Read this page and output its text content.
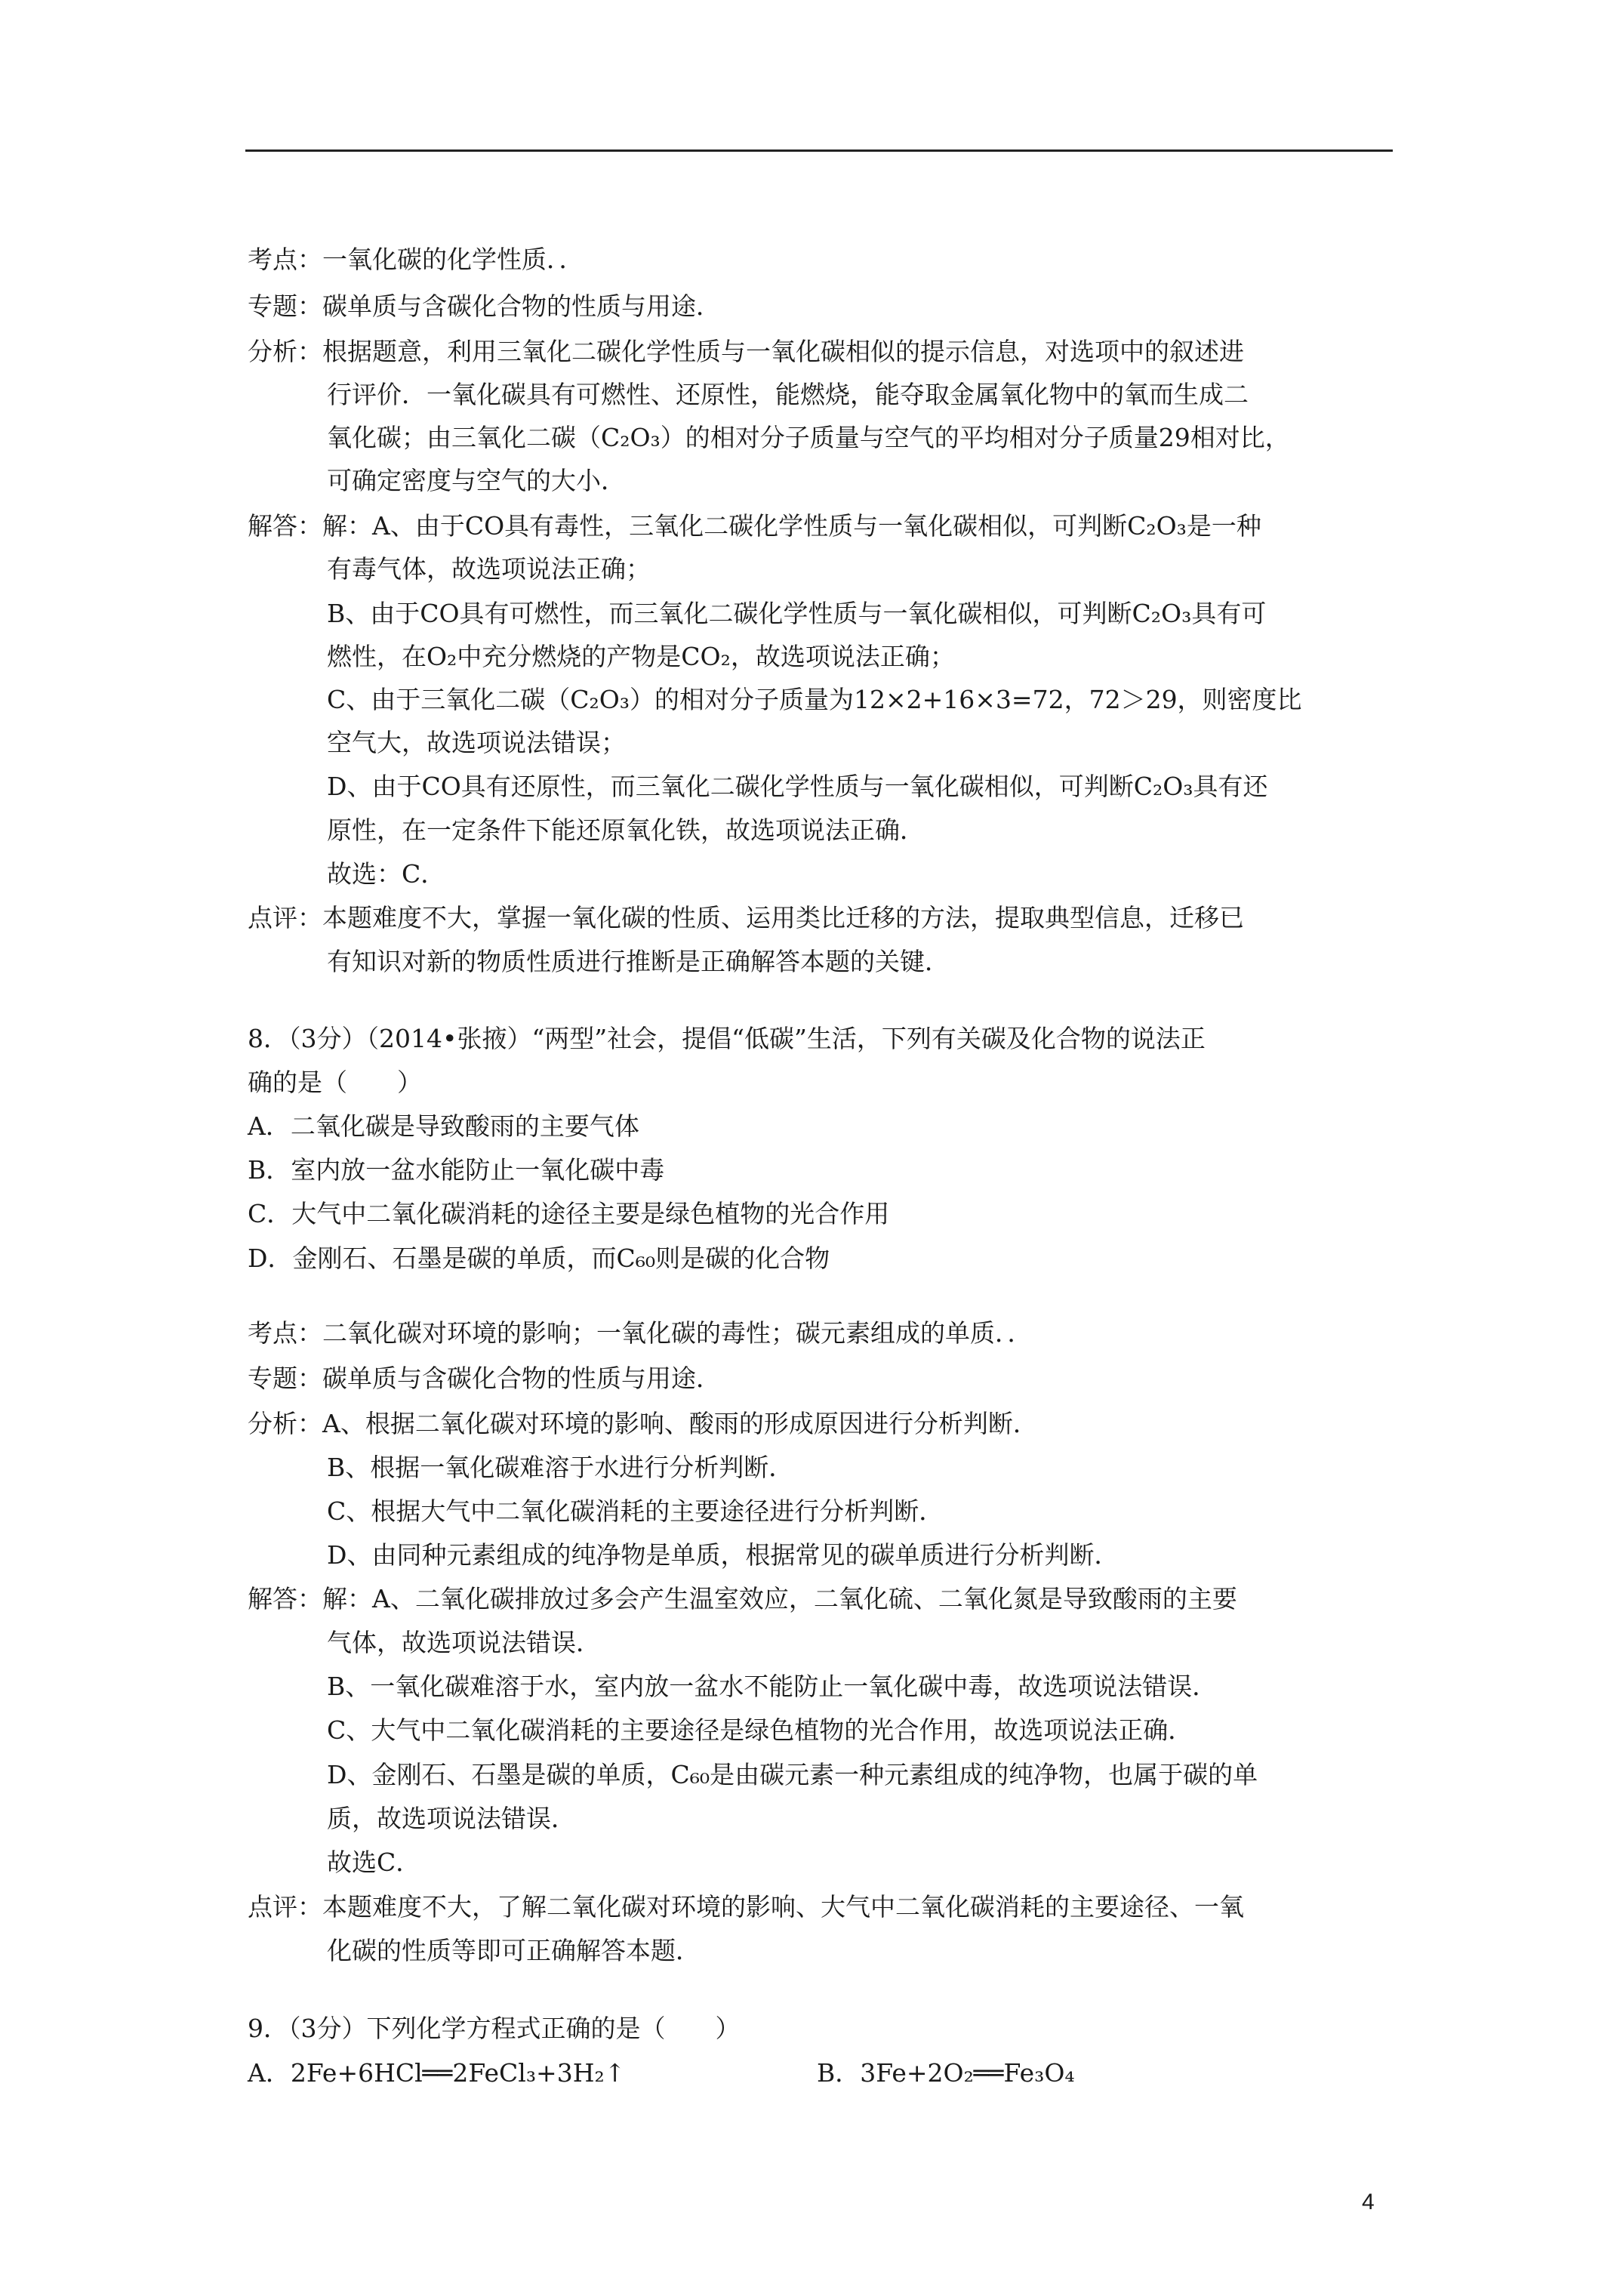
考点：一氧化碳的化学性质．．
专题：碳单质与含碳化合物的性质与用途．
分析：根据题意，利用三氧化二碳化学性质与一氧化碳相似的提示信息，对选项中的叙述进
行评价．一氧化碳具有可燃性、还原性，能燃烧，能夺取金属氧化物中的氧而生成二
氧化碳；由三氧化二碳（C₂O₃）的相对分子质量与空气的平均相对分子质量29相对比，
可确定密度与空气的大小．
解答：解：A、由于CO具有毒性，三氧化二碳化学性质与一氧化碳相似，可判断C₂O₃是一种
有毒气体，故选项说法正确；
B、由于CO具有可燃性，而三氧化二碳化学性质与一氧化碳相似，可判断C₂O₃具有可
燃性，在O₂中充分燃烧的产物是CO₂，故选项说法正确；
C、由于三氧化二碳（C₂O₃）的相对分子质量为12×2+16×3=72，72＞29，则密度比
空气大，故选项说法错误；
D、由于CO具有还原性，而三氧化二碳化学性质与一氧化碳相似，可判断C₂O₃具有还
原性，在一定条件下能还原氧化铁，故选项说法正确．
故选：C．
点评：本题难度不大，掌握一氧化碳的性质、运用类比迁移的方法，提取典型信息，迁移已
有知识对新的物质性质进行推断是正确解答本题的关键．
8．（3分）（2014•张掖）“两型”社会，提倡“低碳”生活，下列有关碳及化合物的说法正
确的是（　　）
A．二氧化碳是导致酸雨的主要气体
B．室内放一盆水能防止一氧化碳中毒
C．大气中二氧化碳消耗的途径主要是绿色植物的光合作用
D．金刚石、石墨是碳的单质，而C₆₀则是碳的化合物
考点：二氧化碳对环境的影响；一氧化碳的毒性；碳元素组成的单质．．
专题：碳单质与含碳化合物的性质与用途．
分析：A、根据二氧化碳对环境的影响、酸雨的形成原因进行分析判断．
B、根据一氧化碳难溶于水进行分析判断．
C、根据大气中二氧化碳消耗的主要途径进行分析判断．
D、由同种元素组成的纯净物是单质，根据常见的碳单质进行分析判断．
解答：解：A、二氧化碳排放过多会产生温室效应，二氧化硫、二氧化氮是导致酸雨的主要
气体，故选项说法错误．
B、一氧化碳难溶于水，室内放一盆水不能防止一氧化碳中毒，故选项说法错误．
C、大气中二氧化碳消耗的主要途径是绿色植物的光合作用，故选项说法正确．
D、金刚石、石墨是碳的单质，C₆₀是由碳元素一种元素组成的纯净物，也属于碳的单
质，故选项说法错误．
故选C．
点评：本题难度不大，了解二氧化碳对环境的影响、大气中二氧化碳消耗的主要途径、一氧
化碳的性质等即可正确解答本题．
9．（3分）下列化学方程式正确的是（　　）
A．2Fe+6HCl══2FeCl₃+3H₂↑	B．3Fe+2O₂══Fe₃O₄
4
